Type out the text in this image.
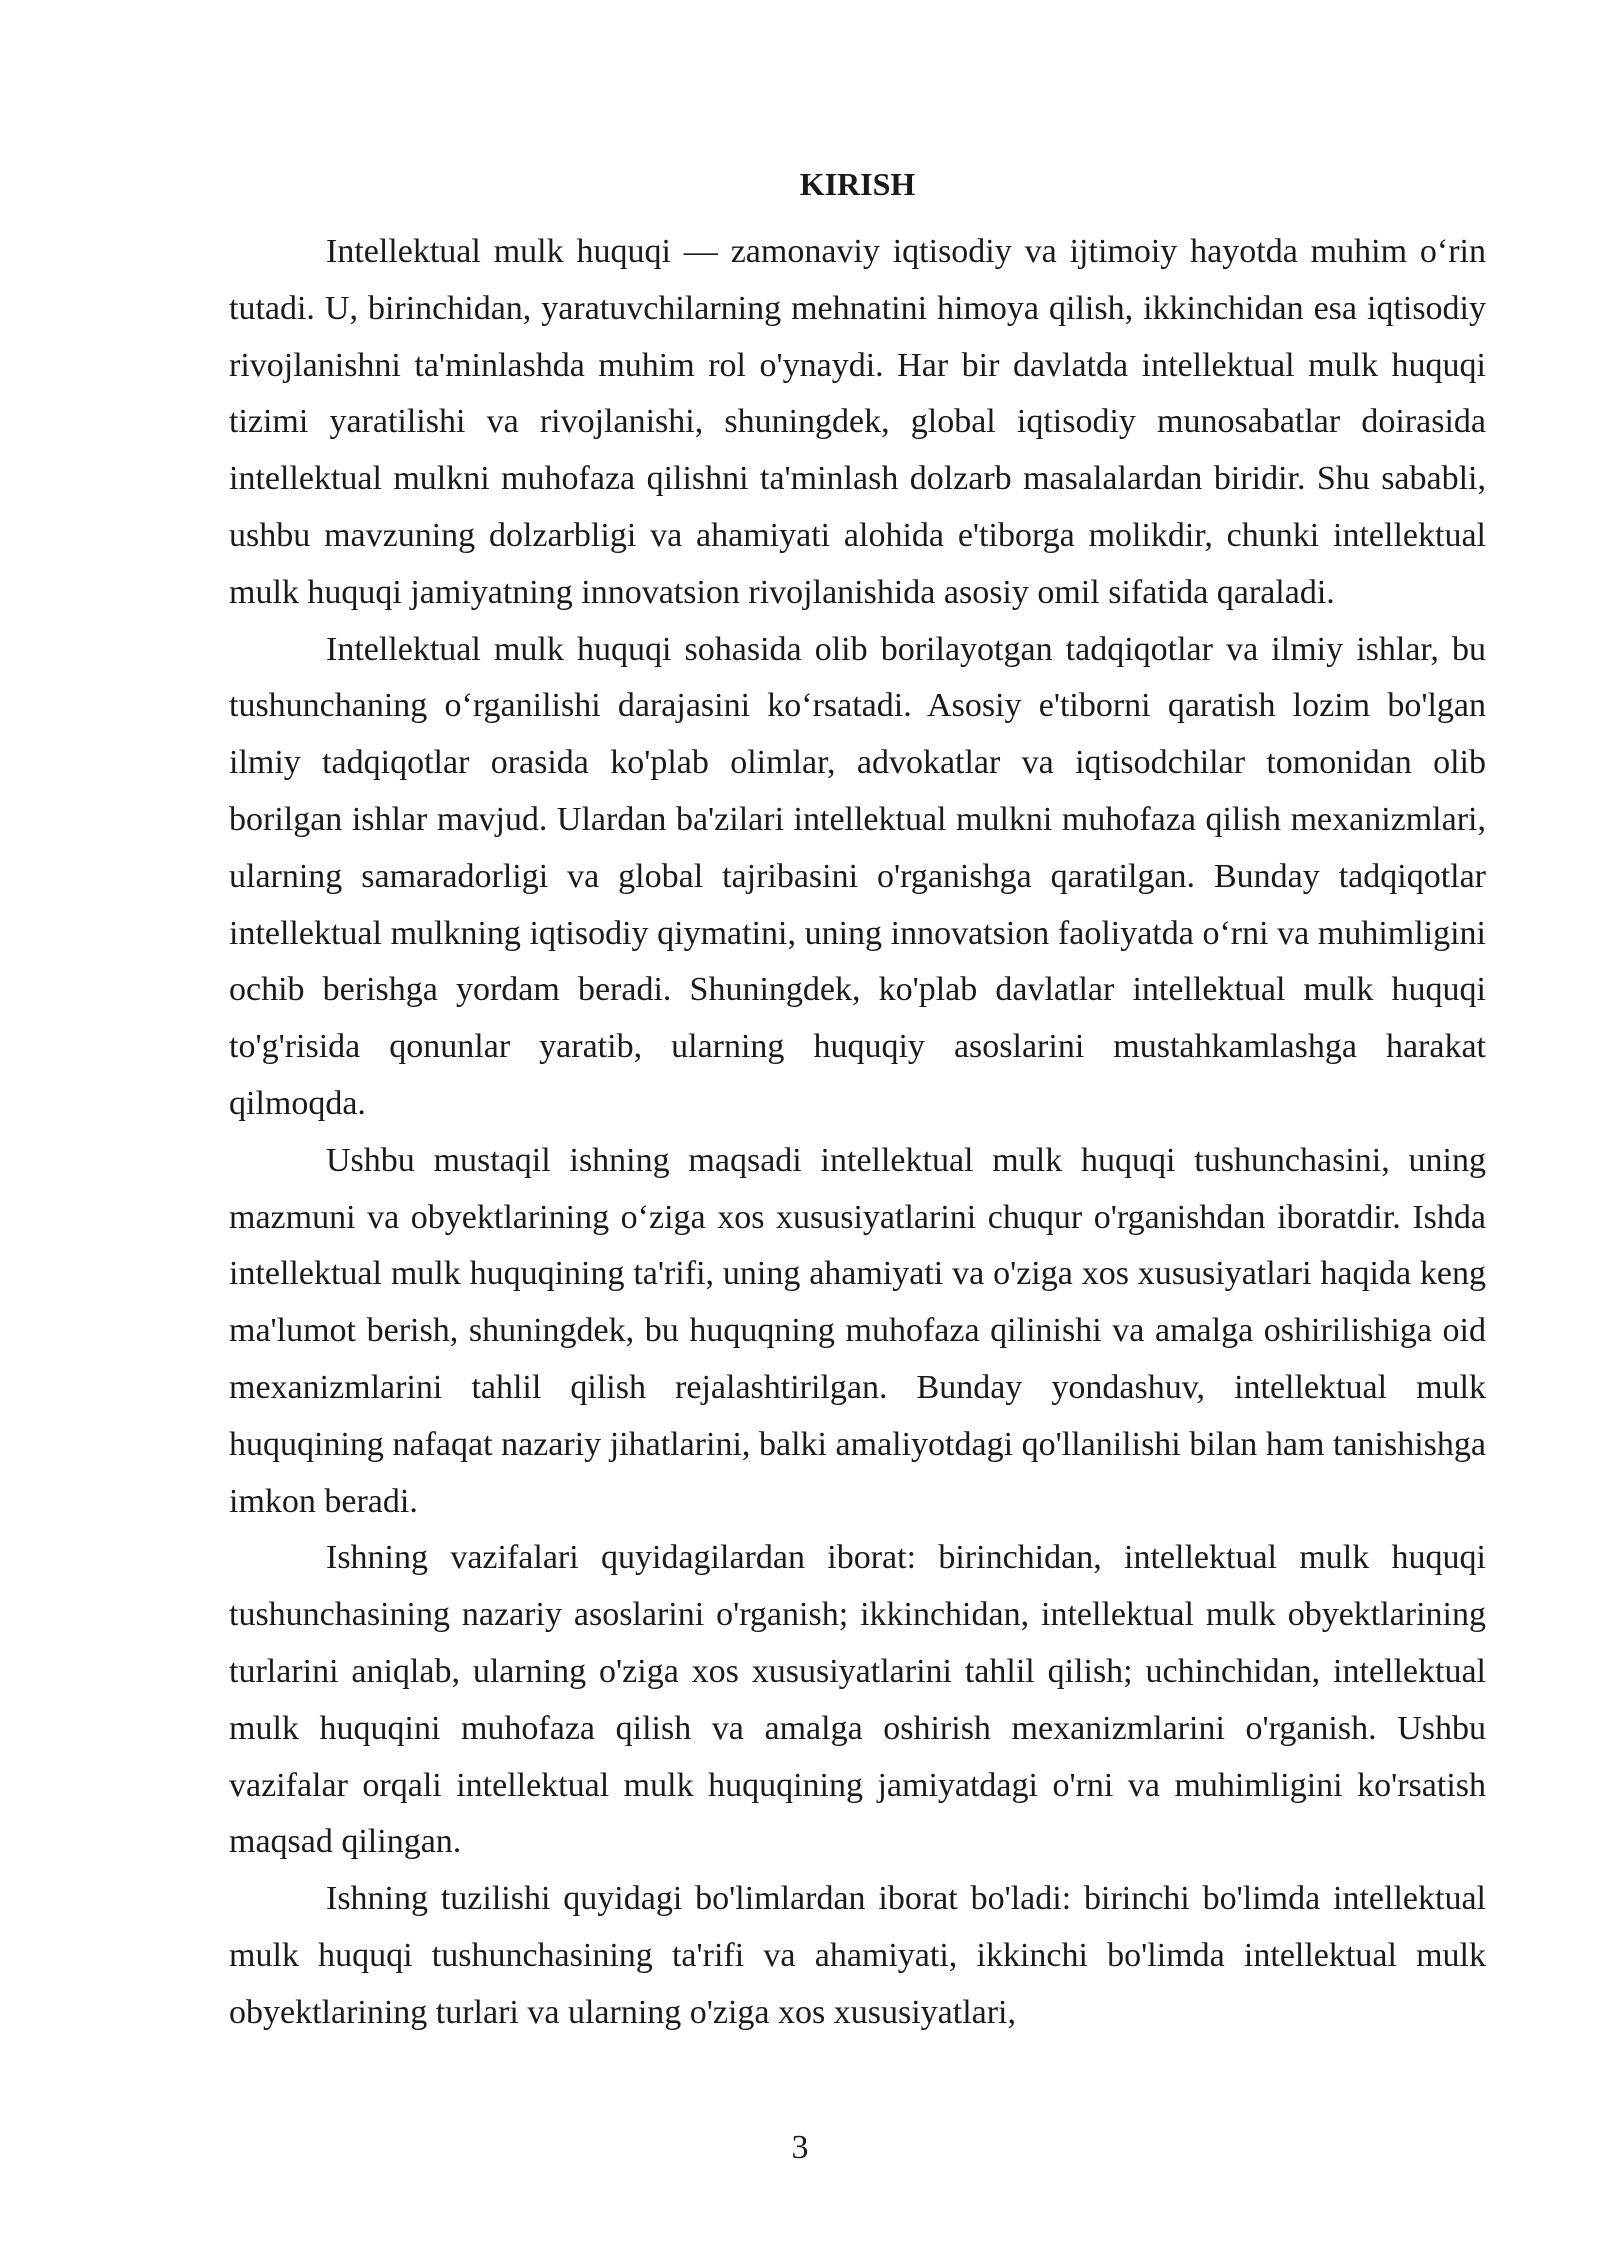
KIRISH

Intellektual mulk huquqi — zamonaviy iqtisodiy va ijtimoiy hayotda muhim o‘rin tutadi. U, birinchidan, yaratuvchilarning mehnatini himoya qilish, ikkinchidan esa iqtisodiy rivojlanishni ta'minlashda muhim rol o'ynaydi. Har bir davlatda intellektual mulk huquqi tizimi yaratilishi va rivojlanishi, shuningdek, global iqtisodiy munosabatlar doirasida intellektual mulkni muhofaza qilishni ta'minlash dolzarb masalalardan biridir. Shu sababli, ushbu mavzuning dolzarbligi va ahamiyati alohida e'tiborga molikdir, chunki intellektual mulk huquqi jamiyatning innovatsion rivojlanishida asosiy omil sifatida qaraladi.

Intellektual mulk huquqi sohasida olib borilayotgan tadqiqotlar va ilmiy ishlar, bu tushunchaning o‘rganilishi darajasini ko‘rsatadi. Asosiy e'tiborni qaratish lozim bo'lgan ilmiy tadqiqotlar orasida ko'plab olimlar, advokatlar va iqtisodchilar tomonidan olib borilgan ishlar mavjud. Ulardan ba'zilari intellektual mulkni muhofaza qilish mexanizmlari, ularning samaradorligi va global tajribasini o'rganishga qaratilgan. Bunday tadqiqotlar intellektual mulkning iqtisodiy qiymatini, uning innovatsion faoliyatda o‘rni va muhimligini ochib berishga yordam beradi. Shuningdek, ko'plab davlatlar intellektual mulk huquqi to'g'risida qonunlar yaratib, ularning huquqiy asoslarini mustahkamlashga harakat qilmoqda.

Ushbu mustaqil ishning maqsadi intellektual mulk huquqi tushunchasini, uning mazmuni va obyektlarining o‘ziga xos xususiyatlarini chuqur o'rganishdan iboratdir. Ishda intellektual mulk huquqining ta'rifi, uning ahamiyati va o'ziga xos xususiyatlari haqida keng ma'lumot berish, shuningdek, bu huquqning muhofaza qilinishi va amalga oshirilishiga oid mexanizmlarini tahlil qilish rejalashtirilgan. Bunday yondashuv, intellektual mulk huquqining nafaqat nazariy jihatlarini, balki amaliyotdagi qo'llanilishi bilan ham tanishishga imkon beradi.

Ishning vazifalari quyidagilardan iborat: birinchidan, intellektual mulk huquqi tushunchasining nazariy asoslarini o'rganish; ikkinchidan, intellektual mulk obyektlarining turlarini aniqlab, ularning o'ziga xos xususiyatlarini tahlil qilish; uchinchidan, intellektual mulk huquqini muhofaza qilish va amalga oshirish mexanizmlarini o'rganish. Ushbu vazifalar orqali intellektual mulk huquqining jamiyatdagi o'rni va muhimligini ko'rsatish maqsad qilingan.

Ishning tuzilishi quyidagi bo'limlardan iborat bo'ladi: birinchi bo'limda intellektual mulk huquqi tushunchasining ta'rifi va ahamiyati, ikkinchi bo'limda intellektual mulk obyektlarining turlari va ularning o'ziga xos xususiyatlari,

3
